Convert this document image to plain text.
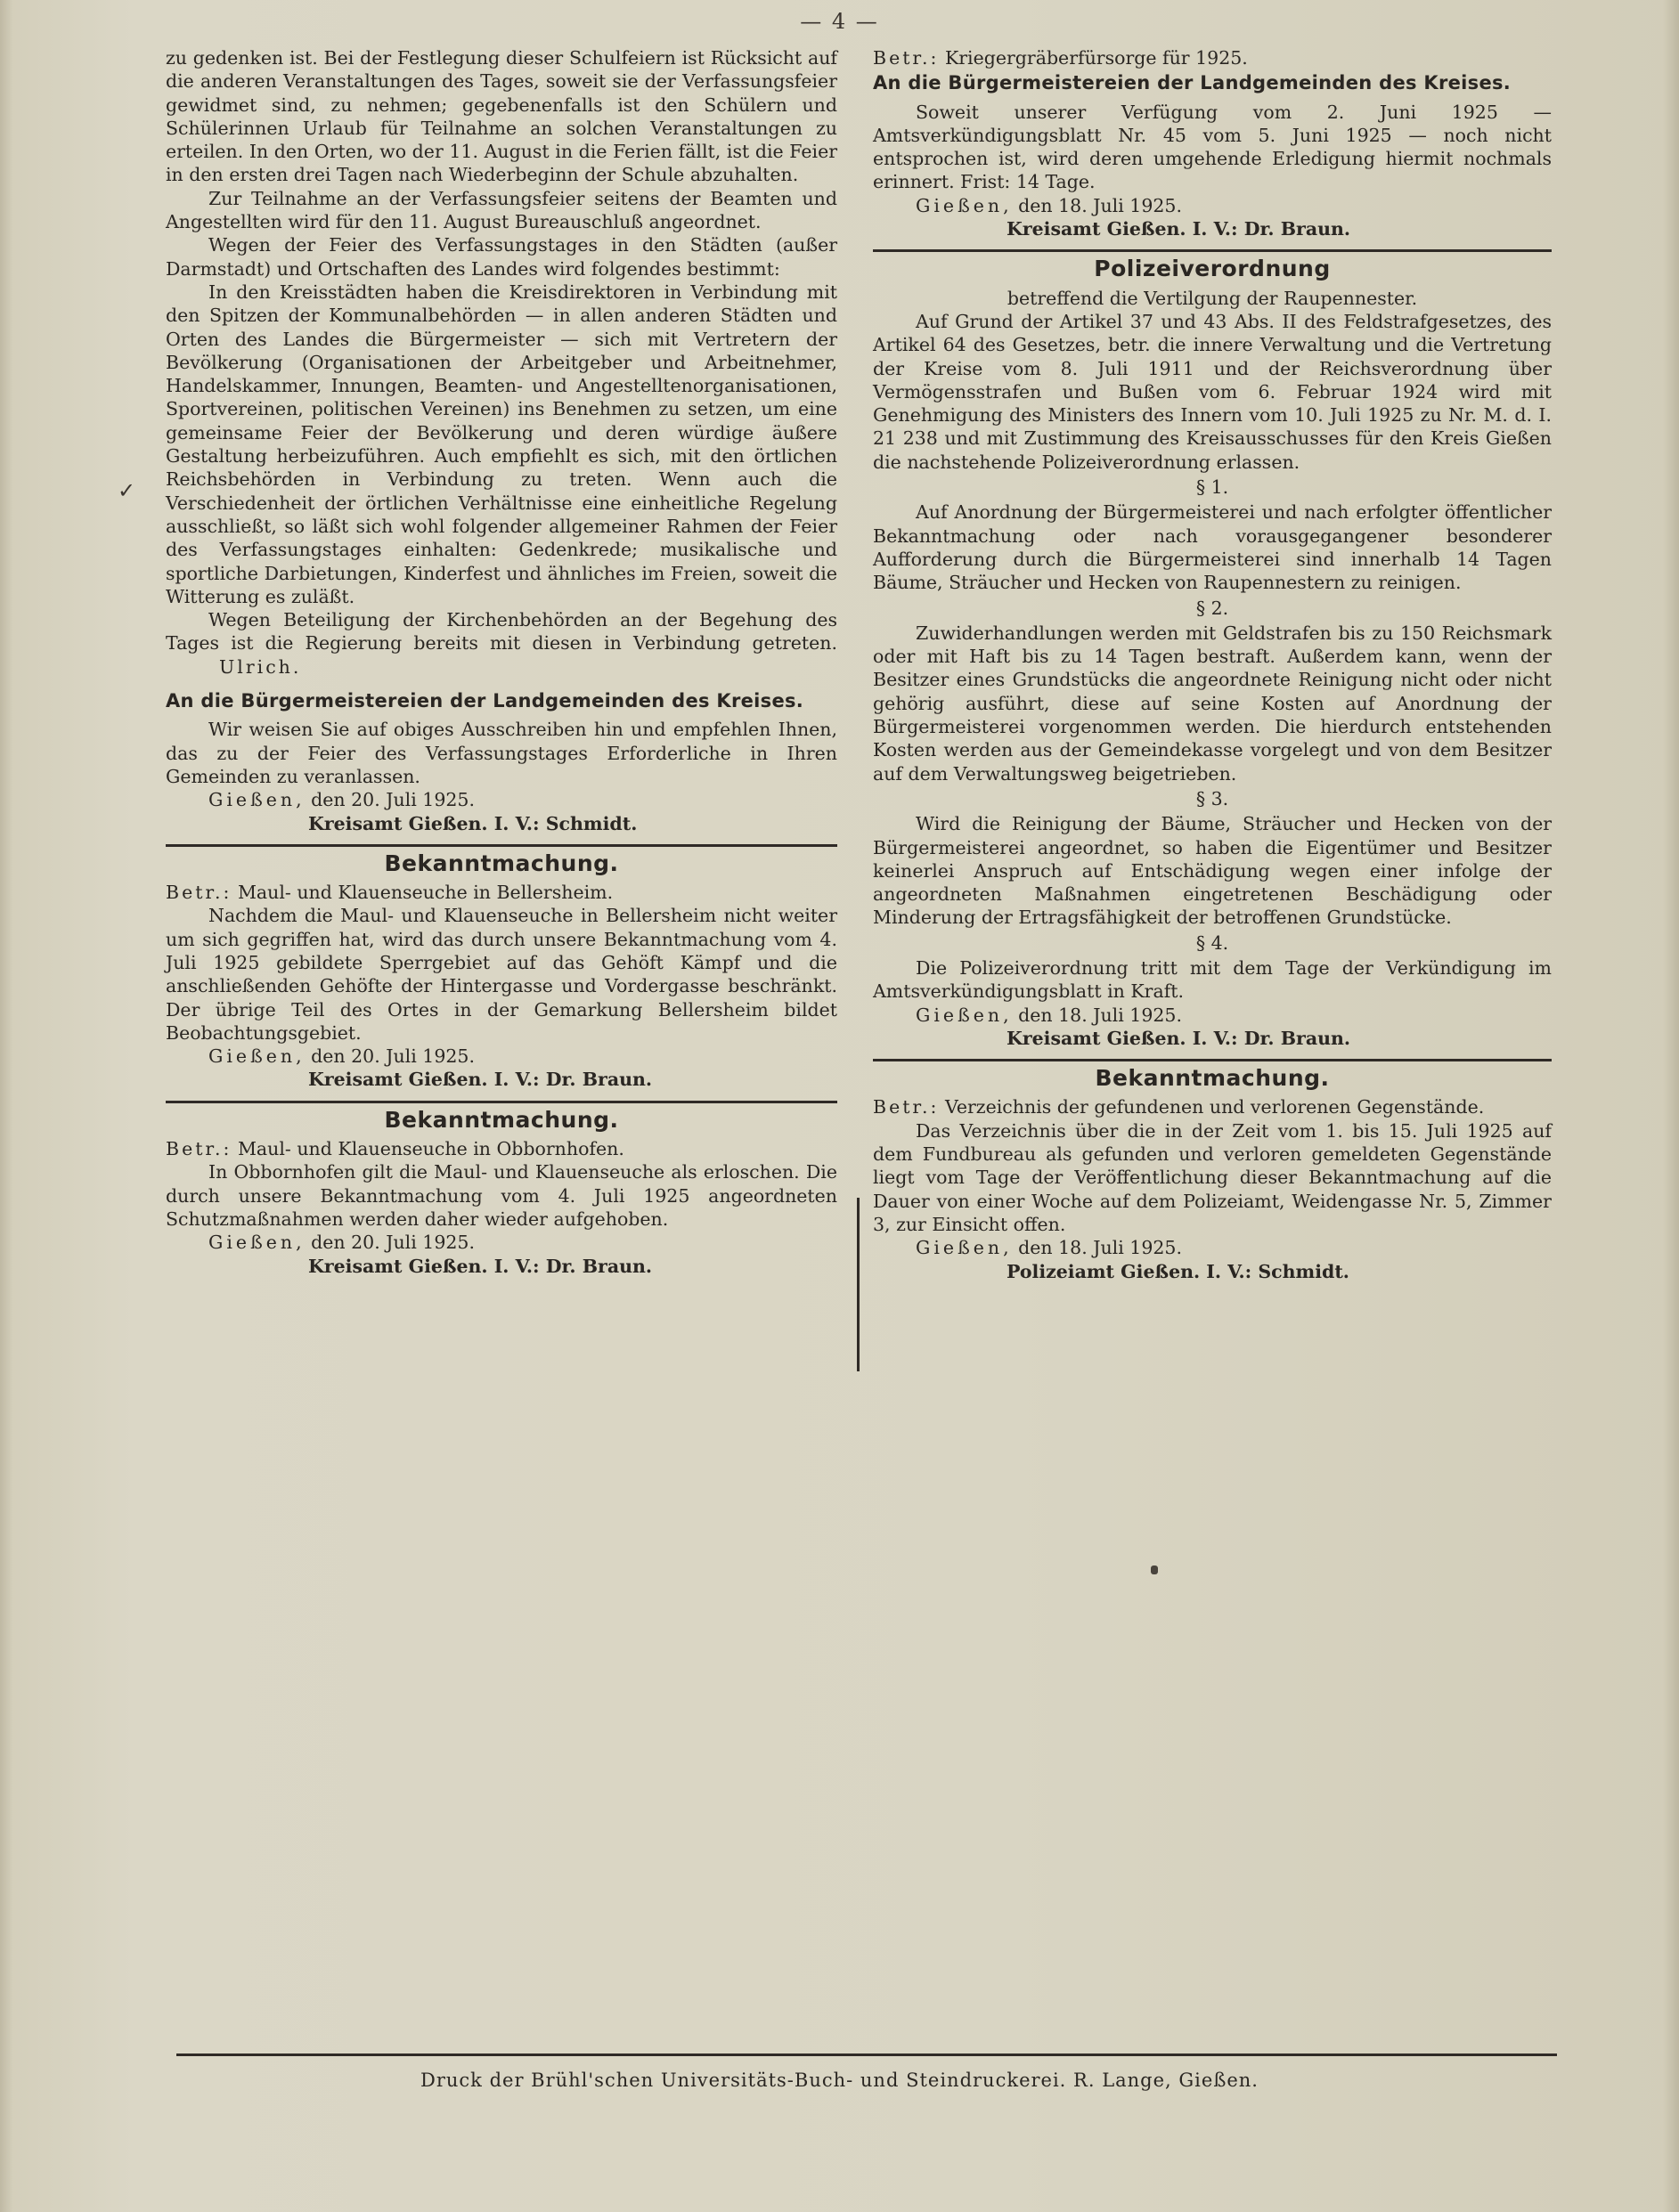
— 4 —
✓

zu gedenken ist. Bei der Festlegung dieser Schulfeiern ist Rücksicht auf die anderen Veranstaltungen des Tages, soweit sie der Verfassungsfeier gewidmet sind, zu nehmen; gegebenenfalls ist den Schülern und Schülerinnen Urlaub für Teilnahme an solchen Veranstaltungen zu erteilen. In den Orten, wo der 11. August in die Ferien fällt, ist die Feier in den ersten drei Tagen nach Wiederbeginn der Schule abzuhalten.

Zur Teilnahme an der Verfassungsfeier seitens der Beamten und Angestellten wird für den 11. August Bureauschluß angeordnet.

Wegen der Feier des Verfassungstages in den Städten (außer Darmstadt) und Ortschaften des Landes wird folgendes bestimmt:

In den Kreisstädten haben die Kreisdirektoren in Verbindung mit den Spitzen der Kommunalbehörden — in allen anderen Städten und Orten des Landes die Bürgermeister — sich mit Vertretern der Bevölkerung (Organisationen der Arbeitgeber und Arbeitnehmer, Handelskammer, Innungen, Beamten- und Angestelltenorganisationen, Sportvereinen, politischen Vereinen) ins Benehmen zu setzen, um eine gemeinsame Feier der Bevölkerung und deren würdige äußere Gestaltung herbeizuführen. Auch empfiehlt es sich, mit den örtlichen Reichsbehörden in Verbindung zu treten. Wenn auch die Verschiedenheit der örtlichen Verhältnisse eine einheitliche Regelung ausschließt, so läßt sich wohl folgender allgemeiner Rahmen der Feier des Verfassungstages einhalten: Gedenkrede; musikalische und sportliche Darbietungen, Kinderfest und ähnliches im Freien, soweit die Witterung es zuläßt.

Wegen Beteiligung der Kirchenbehörden an der Begehung des Tages ist die Regierung bereits mit diesen in Verbindung getreten. Ulrich.

An die Bürgermeistereien der Landgemeinden des Kreises.

Wir weisen Sie auf obiges Ausschreiben hin und empfehlen Ihnen, das zu der Feier des Verfassungstages Erforderliche in Ihren Gemeinden zu veranlassen.

Gießen, den 20. Juli 1925.

Kreisamt Gießen. I. V.: Schmidt.

Bekanntmachung.

Betr.: Maul- und Klauenseuche in Bellersheim.

Nachdem die Maul- und Klauenseuche in Bellersheim nicht weiter um sich gegriffen hat, wird das durch unsere Bekanntmachung vom 4. Juli 1925 gebildete Sperrgebiet auf das Gehöft Kämpf und die anschließenden Gehöfte der Hintergasse und Vordergasse beschränkt. Der übrige Teil des Ortes in der Gemarkung Bellersheim bildet Beobachtungsgebiet.

Gießen, den 20. Juli 1925.

Kreisamt Gießen. I. V.: Dr. Braun.

Bekanntmachung.

Betr.: Maul- und Klauenseuche in Obbornhofen.

In Obbornhofen gilt die Maul- und Klauenseuche als erloschen. Die durch unsere Bekanntmachung vom 4. Juli 1925 angeordneten Schutzmaßnahmen werden daher wieder aufgehoben.

Gießen, den 20. Juli 1925.

Kreisamt Gießen. I. V.: Dr. Braun.

Betr.: Kriegergräberfürsorge für 1925.

An die Bürgermeistereien der Landgemeinden des Kreises.

Soweit unserer Verfügung vom 2. Juni 1925 — Amtsverkündigungsblatt Nr. 45 vom 5. Juni 1925 — noch nicht entsprochen ist, wird deren umgehende Erledigung hiermit nochmals erinnert. Frist: 14 Tage.

Gießen, den 18. Juli 1925.

Kreisamt Gießen. I. V.: Dr. Braun.

Polizeiverordnung

betreffend die Vertilgung der Raupennester.

Auf Grund der Artikel 37 und 43 Abs. II des Feldstrafgesetzes, des Artikel 64 des Gesetzes, betr. die innere Verwaltung und die Vertretung der Kreise vom 8. Juli 1911 und der Reichsverordnung über Vermögensstrafen und Bußen vom 6. Februar 1924 wird mit Genehmigung des Ministers des Innern vom 10. Juli 1925 zu Nr. M. d. I. 21 238 und mit Zustimmung des Kreisausschusses für den Kreis Gießen die nachstehende Polizeiverordnung erlassen.

§ 1.

Auf Anordnung der Bürgermeisterei und nach erfolgter öffentlicher Bekanntmachung oder nach vorausgegangener besonderer Aufforderung durch die Bürgermeisterei sind innerhalb 14 Tagen Bäume, Sträucher und Hecken von Raupennestern zu reinigen.

§ 2.

Zuwiderhandlungen werden mit Geldstrafen bis zu 150 Reichsmark oder mit Haft bis zu 14 Tagen bestraft. Außerdem kann, wenn der Besitzer eines Grundstücks die angeordnete Reinigung nicht oder nicht gehörig ausführt, diese auf seine Kosten auf Anordnung der Bürgermeisterei vorgenommen werden. Die hierdurch entstehenden Kosten werden aus der Gemeindekasse vorgelegt und von dem Besitzer auf dem Verwaltungsweg beigetrieben.

§ 3.

Wird die Reinigung der Bäume, Sträucher und Hecken von der Bürgermeisterei angeordnet, so haben die Eigentümer und Besitzer keinerlei Anspruch auf Entschädigung wegen einer infolge der angeordneten Maßnahmen eingetretenen Beschädigung oder Minderung der Ertragsfähigkeit der betroffenen Grundstücke.

§ 4.

Die Polizeiverordnung tritt mit dem Tage der Verkündigung im Amtsverkündigungsblatt in Kraft.

Gießen, den 18. Juli 1925.

Kreisamt Gießen. I. V.: Dr. Braun.

Bekanntmachung.

Betr.: Verzeichnis der gefundenen und verlorenen Gegenstände.

Das Verzeichnis über die in der Zeit vom 1. bis 15. Juli 1925 auf dem Fundbureau als gefunden und verloren gemeldeten Gegenstände liegt vom Tage der Veröffentlichung dieser Bekanntmachung auf die Dauer von einer Woche auf dem Polizeiamt, Weidengasse Nr. 5, Zimmer 3, zur Einsicht offen.

Gießen, den 18. Juli 1925.

Polizeiamt Gießen. I. V.: Schmidt.

Druck der Brühl'schen Universitäts-Buch- und Steindruckerei. R. Lange, Gießen.
